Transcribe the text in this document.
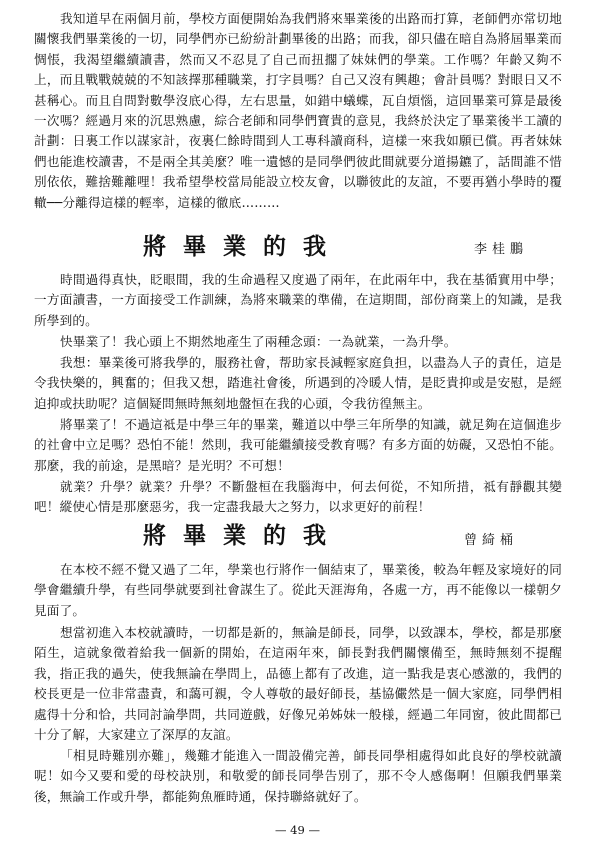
我知道早在兩個月前，學校方面便開始為我們將來畢業後的出路而打算，老師們亦常切地關懷我們畢業後的一切，同學們亦已紛紛計劃畢後的出路；而我，卻只儘在暗自為將屆畢業而惆悵，我渴望繼續讀書，然而又不忍見了自己而扭擱了妹妹們的學業。工作嗎？年齡又夠不上，而且戰戰兢兢的不知該擇那種職業，打字員嗎？自己又沒有興趣；會計員嗎？對眼日又不甚稱心。而且自問對數學沒底心得，左右思量，如錯中蟻蝶，瓦自煩惱，這回畢業可算是最後一次嗎？經過月來的沉思熟慮，綜合老師和同學們寶貴的意見，我終於決定了畢業後半工讀的計劃：日裏工作以謀家計，夜裏仁餘時間到人工專科讀商科，這樣一來我如願已償。再者妹妹們也能進校讀書，不是兩全其美麼？唯一遺憾的是同學們彼此間就要分道揚鑣了，話間誰不惜別依依，難捨難離哩！我希望學校當局能設立校友會，以聯彼此的友誼，不要再猶小學時的覆轍──分離得這樣的輕率，這樣的徹底………

將畢業的我	李桂鵬

時間過得真快，眨眼間，我的生命過程又度過了兩年，在此兩年中，我在基循實用中學；一方面讀書，一方面接受工作訓練，為將來職業的準備，在這期間，部份商業上的知識，是我所學到的。

快畢業了！我心頭上不期然地產生了兩種念頭：一為就業，一為升學。

我想：畢業後可將我學的，服務社會，帮助家長減輕家庭負担，以盡為人子的責任，這是令我快樂的，興奮的；但我又想，踏進社會後，所遇到的冷暖人情，是眨貴抑或是安慰，是經迫抑或扶助呢？這個疑問無時無刻地盤恒在我的心頭，令我彷徨無主。

將畢業了！不過這祗是中學三年的畢業，難道以中學三年所學的知識，就足夠在這個進步的社會中立足嗎？恐怕不能！然則，我可能繼續接受教育嗎？有多方面的妨礙，又恐怕不能。那麼，我的前途，是黑暗？是光明？不可想！

就業？升學？就業？升學？不斷盤桓在我腦海中，何去何從，不知所措，祗有靜觀其變吧！縱使心情是那麼惡劣，我一定盡我最大之努力，以求更好的前程！

將畢業的我	曾綺桶

在本校不經不覺又過了二年，學業也行將作一個結束了，畢業後，較為年輕及家境好的同學會繼續升學，有些同學就要到社會謀生了。從此天涯海角，各處一方，再不能像以一樣朝夕見面了。

想當初進入本校就讀時，一切都是新的，無論是師長，同學，以致課本，學校，都是那麼陌生，這就象徵着給我一個新的開始，在這兩年來，師長對我們關懷備至，無時無刻不提醒我，指正我的過失，使我無論在學問上，品德上都有了改進，這一點我是衷心感激的，我們的校長更是一位非常盡責，和藹可親，令人尊敬的最好師長，基協儼然是一個大家庭，同學們相處得十分和恰，共同討論學問，共同遊戲，好像兄弟姊妹一般様，經過二年同窗，彼此間都已十分了解，大家建立了深厚的友誼。

「相見時難別亦難」，幾難才能進入一間設備完善，師長同學相處得如此良好的學校就讀呢！如今又要和愛的母校訣別，和敬愛的師長同學告別了，那不令人感傷啊！但願我們畢業後，無論工作或升學，都能夠魚雁時通，保持聯絡就好了。

— 49 —
